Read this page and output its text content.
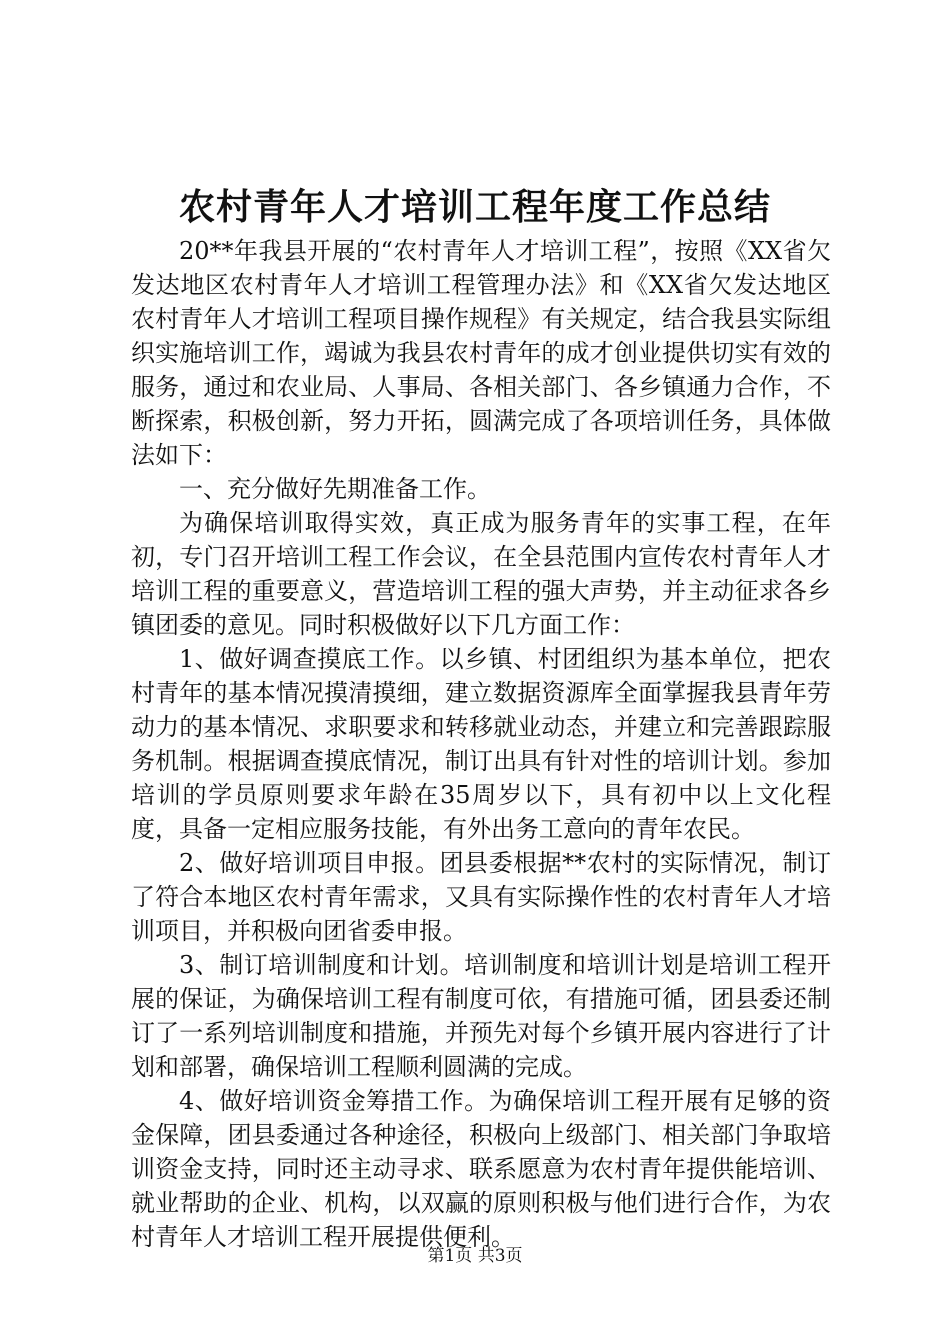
农村青年人才培训工程年度工作总结

20**年我县开展的“农村青年人才培训工程”，按照《XX省欠发达地区农村青年人才培训工程管理办法》和《XX省欠发达地区农村青年人才培训工程项目操作规程》有关规定，结合我县实际组织实施培训工作，竭诚为我县农村青年的成才创业提供切实有效的服务，通过和农业局、人事局、各相关部门、各乡镇通力合作，不断探索，积极创新，努力开拓，圆满完成了各项培训任务，具体做法如下：

一、充分做好先期准备工作。

为确保培训取得实效，真正成为服务青年的实事工程，在年初，专门召开培训工程工作会议，在全县范围内宣传农村青年人才培训工程的重要意义，营造培训工程的强大声势，并主动征求各乡镇团委的意见。同时积极做好以下几方面工作：

1、做好调查摸底工作。以乡镇、村团组织为基本单位，把农村青年的基本情况摸清摸细，建立数据资源库全面掌握我县青年劳动力的基本情况、求职要求和转移就业动态，并建立和完善跟踪服务机制。根据调查摸底情况，制订出具有针对性的培训计划。参加培训的学员原则要求年龄在35周岁以下，具有初中以上文化程度，具备一定相应服务技能，有外出务工意向的青年农民。

2、做好培训项目申报。团县委根据**农村的实际情况，制订了符合本地区农村青年需求，又具有实际操作性的农村青年人才培训项目，并积极向团省委申报。

3、制订培训制度和计划。培训制度和培训计划是培训工程开展的保证，为确保培训工程有制度可依，有措施可循，团县委还制订了一系列培训制度和措施，并预先对每个乡镇开展内容进行了计划和部署，确保培训工程顺利圆满的完成。

4、做好培训资金筹措工作。为确保培训工程开展有足够的资金保障，团县委通过各种途径，积极向上级部门、相关部门争取培训资金支持，同时还主动寻求、联系愿意为农村青年提供能培训、就业帮助的企业、机构，以双赢的原则积极与他们进行合作，为农村青年人才培训工程开展提供便利。

第1页 共3页
